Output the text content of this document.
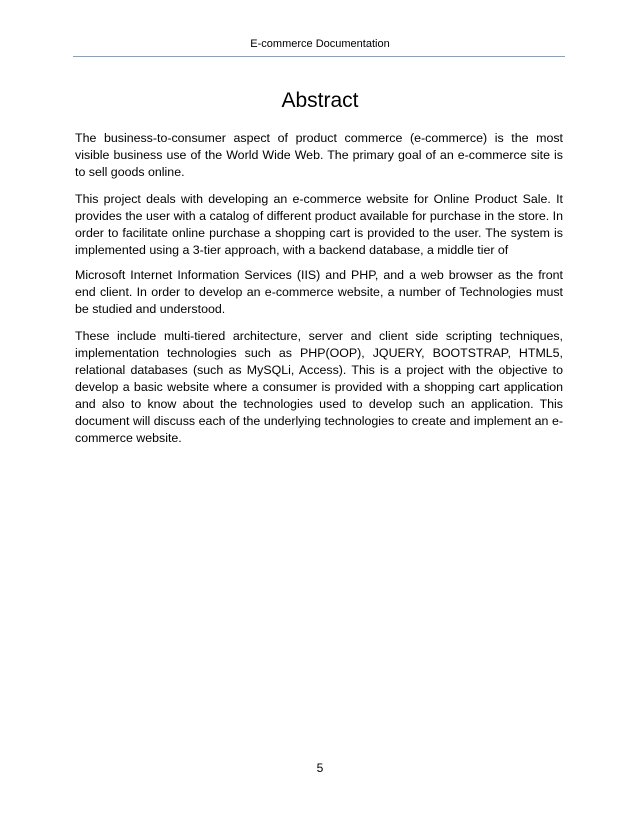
E-commerce Documentation
Abstract

The business-to-consumer aspect of product commerce (e-commerce) is the most visible business use of the World Wide Web. The primary goal of an e-commerce site is to sell goods online.

This project deals with developing an e-commerce website for Online Product Sale. It provides the user with a catalog of different product available for purchase in the store. In order to facilitate online purchase a shopping cart is provided to the user. The system is implemented using a 3-tier approach, with a backend database, a middle tier of

Microsoft Internet Information Services (IIS) and PHP, and a web browser as the front end client. In order to develop an e-commerce website, a number of Technologies must be studied and understood.

These include multi-tiered architecture, server and client side scripting techniques, implementation technologies such as PHP(OOP), JQUERY, BOOTSTRAP, HTML5, relational databases (such as MySQLi, Access). This is a project with the objective to develop a basic website where a consumer is provided with a shopping cart application and also to know about the technologies used to develop such an application. This document will discuss each of the underlying technologies to create and implement an e-commerce website.

5
